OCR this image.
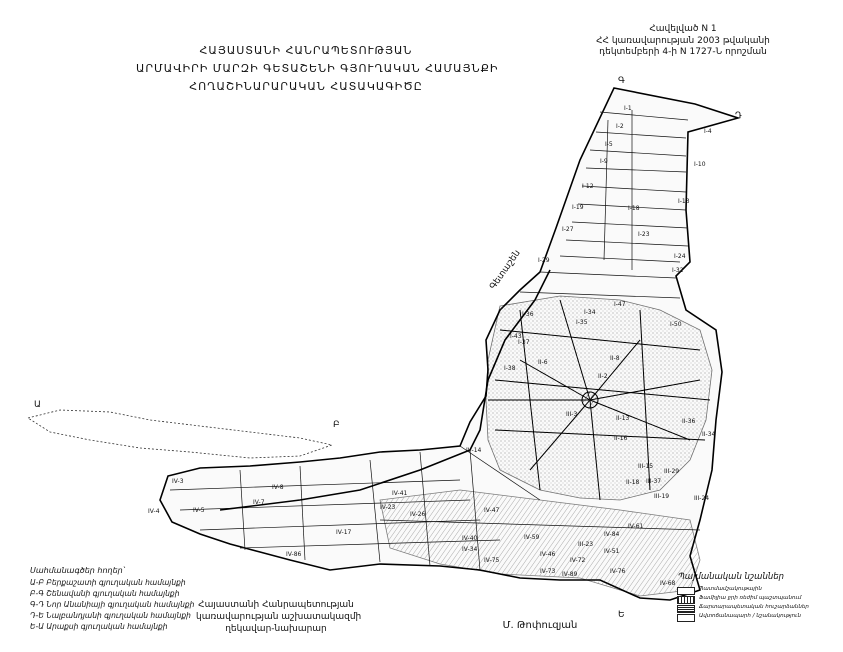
Հավելված N 1
ՀՀ կառավարության 2003 թվականի
դեկտեմբերի 4-ի N 1727-Ն որոշման
ՀԱՅԱՍՏԱՆԻ ՀԱՆՐԱՊԵՏՈՒԹՅԱՆ
ԱՐՄԱՎԻՐԻ ՄԱՐԶԻ ԳԵՏԱՇԵՆԻ ԳՅՈՒՂԱԿԱՆ ՀԱՄԱՅՆՔԻ
ՀՈՂԱՇԻՆԱՐԱՐԱԿԱՆ ՀԱՏԱԿԱԳԻԾԸ
Գետաշեն
Ա
Բ
Գ
Դ
Ե
I-1
I-2
I-4
I-5
I-9	I-10
I-12
I-13
I-19	I-18
I-27
I-23
I-29
I-24
I-32
I-43
I-36
I-37
I-34
I-35
I-47
I-50
I-38
II-2
II-8
II-6
II-13
II-16
II-18
II-36
II-34
III-3
III-15
III-29
III-19	III-24
III-37
IV-3
IV-4	IV-5
IV-7
IV-8
IV-14
IV-17
IV-23
IV-26
IV-34
IV-40
IV-41
IV-47
IV-59
IV-46	IV-51
IV-68
IV-72
IV-73
IV-75
IV-76
IV-84
IV-86
IV-89
IV-61
III-23
Սահմանագծեր հողեր՝
Ա-Բ Բերքաշատի գյուղական համայնքի
Բ-Գ Շենավանի գյուղական համայնքի
Գ-Դ Նոր Անանիայի գյուղական համայնքի
Դ-Ե Նալբանդյանի գյուղական համայնքի
Ե-Ա Արաքսի գյուղական համայնքի
Հայաստանի Հանրապետության
կառավարության աշխատակազմի
ղեկավար-նախարար	Մ. Թոփուզյան
Պայմանական նշաններ
Պատմամշակութային
Ֆամիլիա ջրի ռեժիմ պաշտպանում
Ճարտարապետական հուշարձաններ
Ավտոճանապարհ / նշանակություն
